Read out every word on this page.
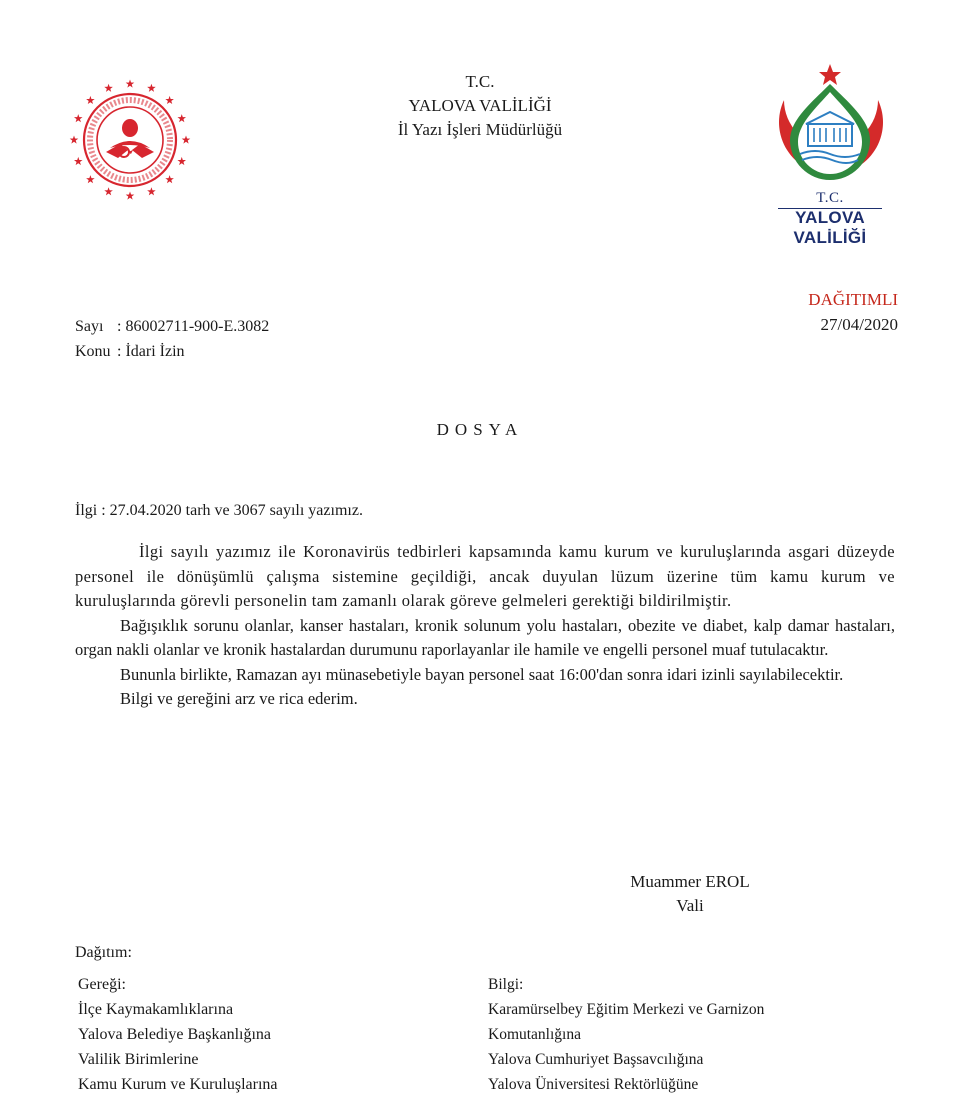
T.C.
YALOVA VALİLİĞİ
İl Yazı İşleri Müdürlüğü
T.C.
YALOVA VALİLİĞİ
DAĞITIMLI
27/04/2020
Sayı : 86002711-900-E.3082
Konu : İdari İzin
DOSYA
İlgi : 27.04.2020 tarh ve 3067 sayılı yazımız.

İlgi sayılı yazımız ile Koronavirüs tedbirleri kapsamında kamu kurum ve kuruluşlarında asgari düzeyde personel ile dönüşümlü çalışma sistemine geçildiği, ancak duyulan lüzum üzerine tüm kamu kurum ve kuruluşlarında görevli personelin tam zamanlı olarak göreve gelmeleri gerektiği bildirilmiştir.

Bağışıklık sorunu olanlar, kanser hastaları, kronik solunum yolu hastaları, obezite ve diabet, kalp damar hastaları, organ nakli olanlar ve kronik hastalardan durumunu raporlayanlar ile hamile ve engelli personel muaf tutulacaktır.

Bununla birlikte, Ramazan ayı münasebetiyle bayan personel saat 16:00'dan sonra idari izinli sayılabilecektir.

Bilgi ve gereğini arz ve rica ederim.

Muammer EROL
Vali
Dağıtım:
Gereği:
İlçe Kaymakamlıklarına
Yalova Belediye Başkanlığına
Valilik Birimlerine
Kamu Kurum ve Kuruluşlarına
Bilgi:
Karamürselbey Eğitim Merkezi ve Garnizon
Komutanlığına
Yalova Cumhuriyet Başsavcılığına
Yalova Üniversitesi Rektörlüğüne
